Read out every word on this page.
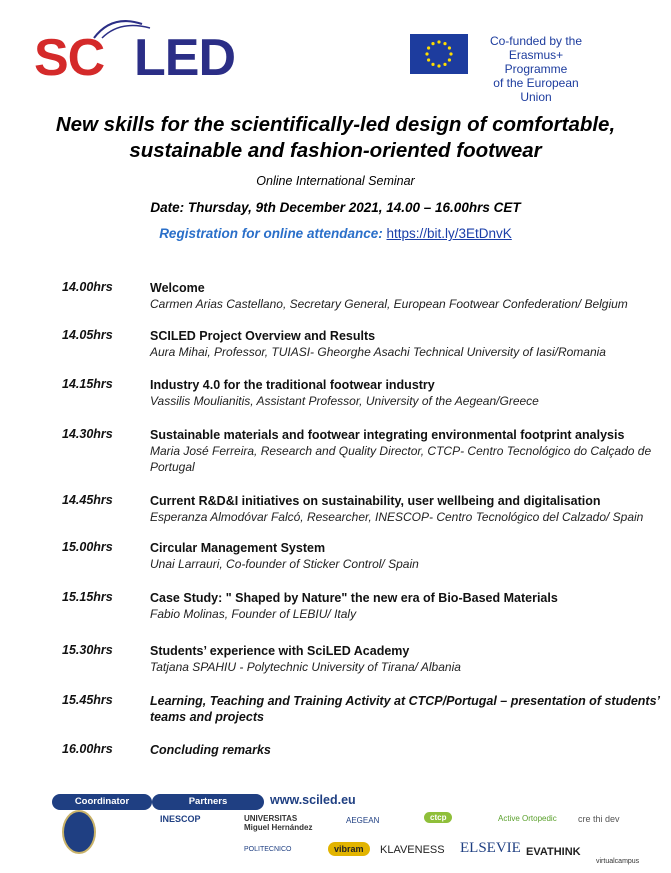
SC LED	Co-funded by the
Erasmus+ Programme
of the European Union
New skills for the scientifically-led design of comfortable, sustainable and fashion-oriented footwear
Online International Seminar
Date: Thursday, 9th December 2021, 14.00 – 16.00hrs CET
Registration for online attendance: https://bit.ly/3EtDnvK
14.00hrs	Welcome
Carmen Arias Castellano, Secretary General, European Footwear Confederation/ Belgium
14.05hrs	SCILED Project Overview and Results
Aura Mihai, Professor, TUIASI- Gheorghe Asachi Technical University of Iasi/Romania
14.15hrs	Industry 4.0 for the traditional footwear industry
Vassilis Moulianitis, Assistant Professor, University of the Aegean/Greece
14.30hrs	Sustainable materials and footwear integrating environmental footprint analysis
Maria José Ferreira, Research and Quality Director, CTCP- Centro Tecnológico do Calçado de Portugal
14.45hrs	Current R&D&I initiatives on sustainability, user wellbeing and digitalisation
Esperanza Almodóvar Falcó, Researcher, INESCOP- Centro Tecnológico del Calzado/ Spain
15.00hrs	Circular Management System
Unai Larrauri, Co-founder of Sticker Control/ Spain
15.15hrs	Case Study: " Shaped by Nature" the new era of Bio-Based Materials
Fabio Molinas, Founder of LEBIU/ Italy
15.30hrs	Students’ experience with SciLED Academy
Tatjana SPAHIU - Polytechnic University of Tirana/ Albania
15.45hrs	Learning, Teaching and Training Activity at CTCP/Portugal – presentation of students’ teams and projects
16.00hrs	Concluding remarks
Coordinator	Partners	www.sciled.eu
INESCOP	UNIVERSITAS Miguel Hernández
AEGEAN	ctcp	Active Ortopedic cre thi dev
POLITECNICO	vibram	KLAVENESS ELSEVIE EVATHINK
virtualcampus
